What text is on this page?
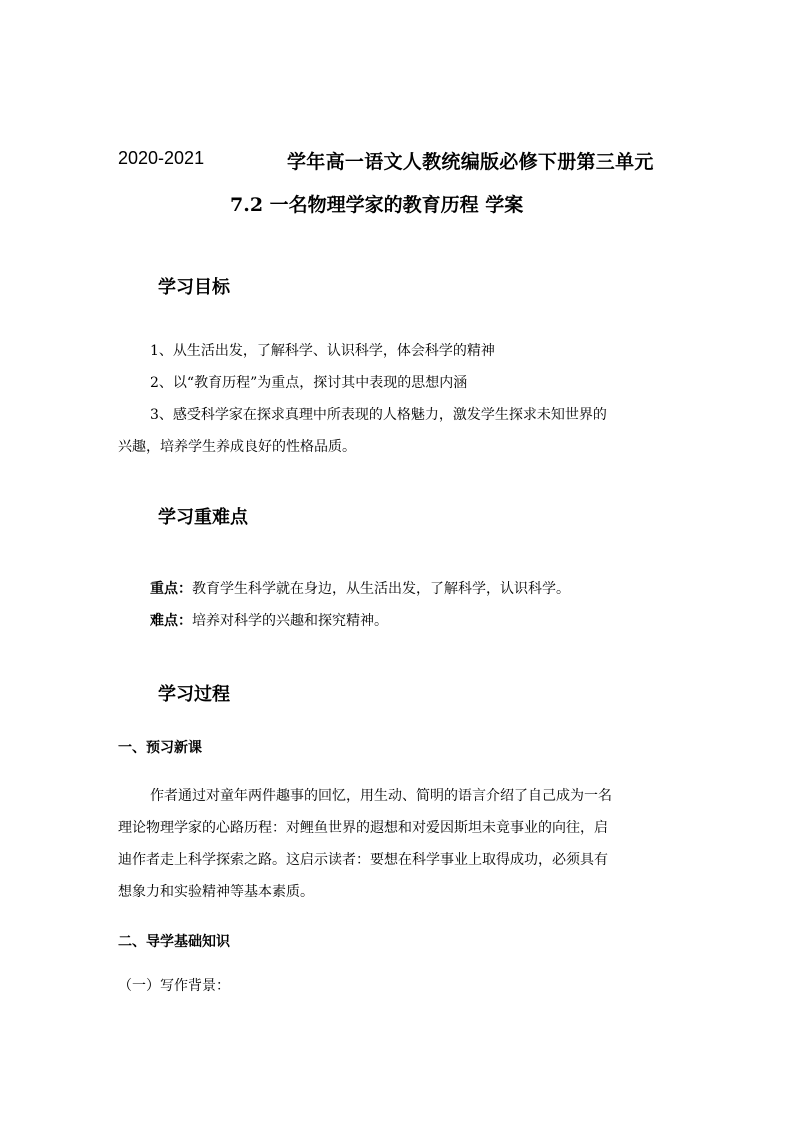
2020-2021	学年高一语文人教统编版必修下册第三单元
7.2 一名物理学家的教育历程 学案
学习目标
1、从生活出发，了解科学、认识科学，体会科学的精神
2、以“教育历程”为重点，探讨其中表现的思想内涵
3、感受科学家在探求真理中所表现的人格魅力，激发学生探求未知世界的
兴趣，培养学生养成良好的性格品质。
学习重难点
重点：教育学生科学就在身边，从生活出发，了解科学，认识科学。
难点：培养对科学的兴趣和探究精神。
学习过程
一、预习新课
作者通过对童年两件趣事的回忆，用生动、简明的语言介绍了自己成为一名
理论物理学家的心路历程：对鲤鱼世界的遐想和对爱因斯坦未竟事业的向往，启
迪作者走上科学探索之路。这启示读者：要想在科学事业上取得成功，必须具有
想象力和实验精神等基本素质。
二、导学基础知识
（一）写作背景：
